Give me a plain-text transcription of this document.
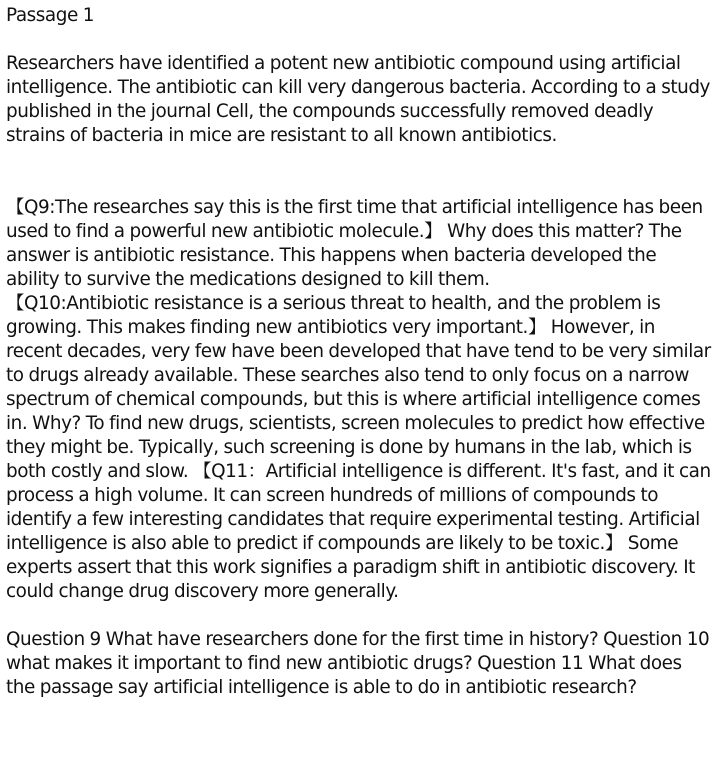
Passage 1

Researchers have identified a potent new antibiotic compound using artificial intelligence. The antibiotic can kill very dangerous bacteria. According to a study published in the journal Cell, the compounds successfully removed deadly strains of bacteria in mice are resistant to all known antibiotics.

【Q9:The researches say this is the first time that artificial intelligence has been used to find a powerful new antibiotic molecule.】 Why does this matter? The answer is antibiotic resistance. This happens when bacteria developed the ability to survive the medications designed to kill them.

【Q10:Antibiotic resistance is a serious threat to health, and the problem is growing. This makes finding new antibiotics very important.】 However, in recent decades, very few have been developed that have tend to be very similar to drugs already available. These searches also tend to only focus on a narrow spectrum of chemical compounds, but this is where artificial intelligence comes in. Why? To find new drugs, scientists, screen molecules to predict how effective they might be. Typically, such screening is done by humans in the lab, which is both costly and slow. 【Q11：Artificial intelligence is different. It's fast, and it can process a high volume. It can screen hundreds of millions of compounds to identify a few interesting candidates that require experimental testing. Artificial intelligence is also able to predict if compounds are likely to be toxic.】 Some experts assert that this work signifies a paradigm shift in antibiotic discovery. It could change drug discovery more generally.

Question 9 What have researchers done for the first time in history? Question 10 what makes it important to find new antibiotic drugs? Question 11 What does the passage say artificial intelligence is able to do in antibiotic research?
